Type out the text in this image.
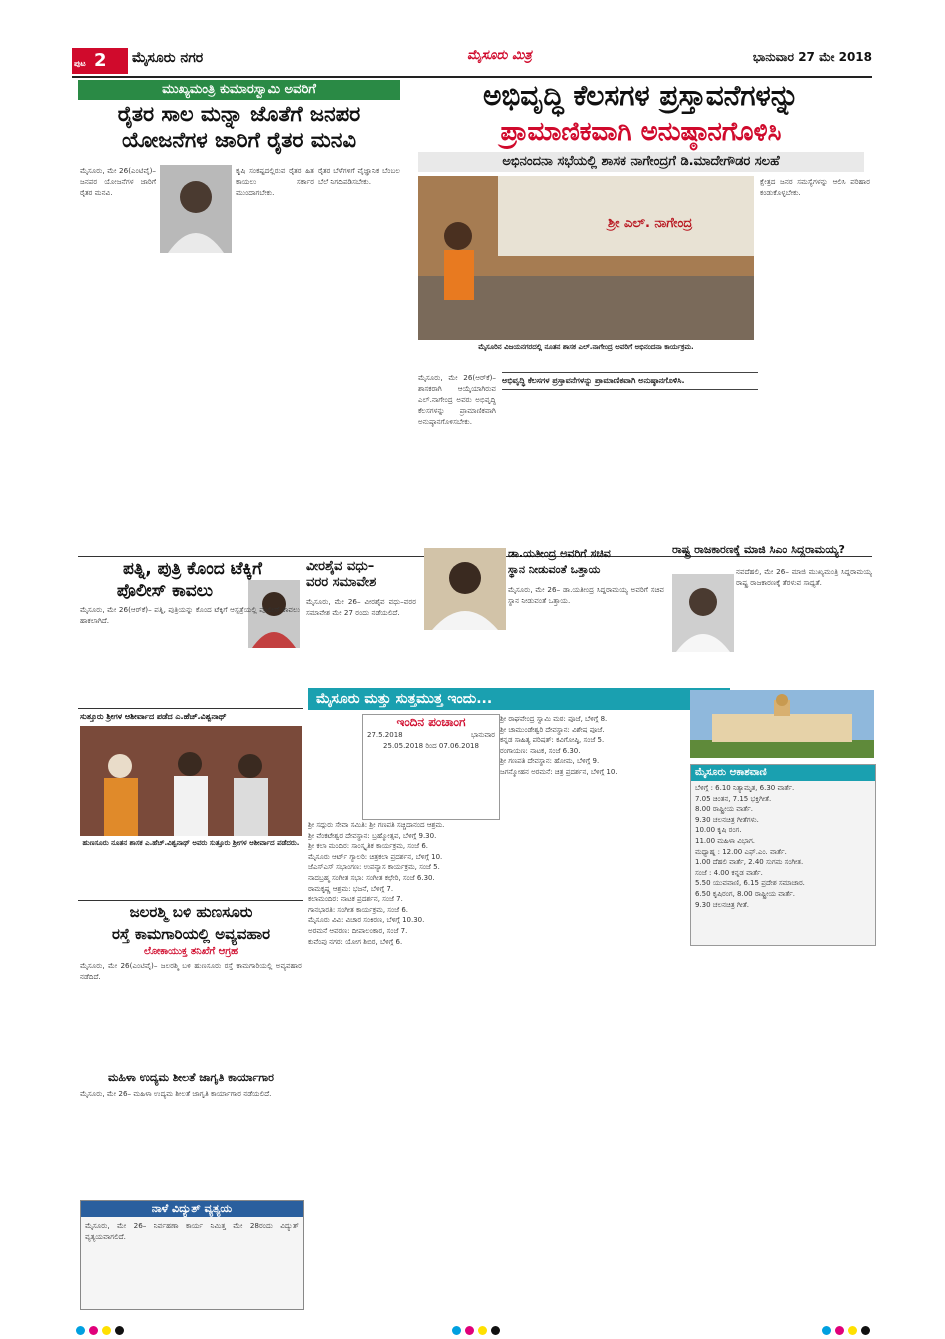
ಪುಟ 2	ಮೈಸೂರು ನಗರ	ಮೈಸೂರು ಮಿತ್ರ	ಭಾನುವಾರ 27 ಮೇ 2018
ಮುಖ್ಯಮಂತ್ರಿ ಕುಮಾರಸ್ವಾಮಿ ಅವರಿಗೆ
ರೈತರ ಸಾಲ ಮನ್ನಾ ಜೊತೆಗೆ ಜನಪರ
ಯೋಜನೆಗಳ ಜಾರಿಗೆ ರೈತರ ಮನವಿ

ಮೈಸೂರು, ಮೇ 26(ಎಂಟಿವೈ)– ಜನಪರ ಯೋಜನೆಗಳ ಜಾರಿಗೆ ರೈತರ ಮನವಿ.

ಕೃಷಿ ಸಂಕಷ್ಟದಲ್ಲಿರುವ ರೈತರ ಹಿತ ಕಾಯಲು ಸರ್ಕಾರ ಮುಂದಾಗಬೇಕು.

ರೈತರ ಬೆಳೆಗಳಿಗೆ ವೈಜ್ಞಾನಿಕ ಬೆಂಬಲ ಬೆಲೆ ನಿಗದಿಪಡಿಸಬೇಕು.

ಅಭಿವೃದ್ಧಿ ಕೆಲಸಗಳ ಪ್ರಸ್ತಾವನೆಗಳನ್ನು
ಪ್ರಾಮಾಣಿಕವಾಗಿ ಅನುಷ್ಠಾನಗೊಳಿಸಿ
ಅಭಿನಂದನಾ ಸಭೆಯಲ್ಲಿ ಶಾಸಕ ನಾಗೇಂದ್ರಗೆ ಡಿ.ಮಾದೇಗೌಡರ ಸಲಹೆ
ಶ್ರೀ ಎಲ್. ನಾಗೇಂದ್ರ
ಮೈಸೂರಿನ ವಿಜಯನಗರದಲ್ಲಿ ನೂತನ ಶಾಸಕ ಎಲ್.ನಾಗೇಂದ್ರ ಅವರಿಗೆ ಅಭಿನಂದನಾ ಕಾರ್ಯಕ್ರಮ.

ಮೈಸೂರು, ಮೇ 26(ಆರ್‌ಕೆ)– ಶಾಸಕರಾಗಿ ಆಯ್ಕೆಯಾಗಿರುವ ಎಲ್.ನಾಗೇಂದ್ರ ಅವರು ಅಭಿವೃದ್ಧಿ ಕೆಲಸಗಳನ್ನು ಪ್ರಾಮಾಣಿಕವಾಗಿ ಅನುಷ್ಠಾನಗೊಳಿಸಬೇಕು.

ಅಭಿವೃದ್ಧಿ ಕೆಲಸಗಳ ಪ್ರಸ್ತಾವನೆಗಳನ್ನು ಪ್ರಾಮಾಣಿಕವಾಗಿ ಅನುಷ್ಠಾನಗೊಳಿಸಿ.

ಕ್ಷೇತ್ರದ ಜನರ ಸಮಸ್ಯೆಗಳನ್ನು ಆಲಿಸಿ ಪರಿಹಾರ ಕಂಡುಕೊಳ್ಳಬೇಕು.

ಪತ್ನಿ, ಪುತ್ರಿ ಕೊಂದ ಟೆಕ್ಕಿಗೆ
ಪೊಲೀಸ್ ಕಾವಲು

ಮೈಸೂರು, ಮೇ 26(ಆರ್‌ಕೆ)– ಪತ್ನಿ, ಪುತ್ರಿಯನ್ನು ಕೊಂದ ಟೆಕ್ಕಿಗೆ ಆಸ್ಪತ್ರೆಯಲ್ಲಿ ಪೊಲೀಸ್ ಕಾವಲು ಹಾಕಲಾಗಿದೆ.

ವೀರಶೈವ ವಧು–
ವರರ ಸಮಾವೇಶ

ಮೈಸೂರು, ಮೇ 26– ವೀರಶೈವ ವಧು–ವರರ ಸಮಾವೇಶ ಮೇ 27 ರಂದು ನಡೆಯಲಿದೆ.

ಡಾ.ಯತೀಂದ್ರ ಅವರಿಗೆ ಸಚಿವ
ಸ್ಥಾನ ನೀಡುವಂತೆ ಒತ್ತಾಯ

ಮೈಸೂರು, ಮೇ 26– ಡಾ.ಯತೀಂದ್ರ ಸಿದ್ದರಾಮಯ್ಯ ಅವರಿಗೆ ಸಚಿವ ಸ್ಥಾನ ನೀಡುವಂತೆ ಒತ್ತಾಯ.

ರಾಷ್ಟ್ರ ರಾಜಕಾರಣಕ್ಕೆ ಮಾಜಿ ಸಿಎಂ ಸಿದ್ದರಾಮಯ್ಯ?

ನವದೆಹಲಿ, ಮೇ 26– ಮಾಜಿ ಮುಖ್ಯಮಂತ್ರಿ ಸಿದ್ದರಾಮಯ್ಯ ರಾಷ್ಟ್ರ ರಾಜಕಾರಣಕ್ಕೆ ತೆರಳುವ ಸಾಧ್ಯತೆ.

ಸುತ್ತೂರು ಶ್ರೀಗಳ ಆಶೀರ್ವಾದ ಪಡೆದ ಎ.ಹೆಚ್.ವಿಶ್ವನಾಥ್
ಹುಣಸೂರು ನೂತನ ಶಾಸಕ ಎ.ಹೆಚ್.ವಿಶ್ವನಾಥ್ ಅವರು ಸುತ್ತೂರು ಶ್ರೀಗಳ ಆಶೀರ್ವಾದ ಪಡೆದರು.
ಜಲರಶ್ಮಿ ಬಳಿ ಹುಣಸೂರು
ರಸ್ತೆ ಕಾಮಗಾರಿಯಲ್ಲಿ ಅವ್ಯವಹಾರ
ಲೋಕಾಯುಕ್ತ ತನಿಖೆಗೆ ಆಗ್ರಹ

ಮೈಸೂರು, ಮೇ 26(ಎಂಟಿವೈ)– ಜಲರಶ್ಮಿ ಬಳಿ ಹುಣಸೂರು ರಸ್ತೆ ಕಾಮಗಾರಿಯಲ್ಲಿ ಅವ್ಯವಹಾರ ನಡೆದಿದೆ.

ಮಹಿಳಾ ಉದ್ಯಮ ಶೀಲತೆ ಜಾಗೃತಿ ಕಾರ್ಯಾಗಾರ

ಮೈಸೂರು, ಮೇ 26– ಮಹಿಳಾ ಉದ್ಯಮ ಶೀಲತೆ ಜಾಗೃತಿ ಕಾರ್ಯಾಗಾರ ನಡೆಯಲಿದೆ.

ನಾಳೆ ವಿದ್ಯುತ್ ವ್ಯತ್ಯಯ
ಮೈಸೂರು, ಮೇ 26– ನಿರ್ವಹಣಾ ಕಾರ್ಯ ನಿಮಿತ್ತ ಮೇ 28ರಂದು ವಿದ್ಯುತ್ ವ್ಯತ್ಯಯವಾಗಲಿದೆ.
ಮೈಸೂರು ಮತ್ತು ಸುತ್ತಮುತ್ತ ಇಂದು...
ಇಂದಿನ ಪಂಚಾಂಗ
27.5.2018	ಭಾನುವಾರ
25.05.2018 ರಿಂದ 07.06.2018
ಶ್ರೀ ಸದ್ಗುರು ಸೇವಾ ಸಮಿತಿ: ಶ್ರೀ ಗಣಪತಿ ಸಚ್ಚಿದಾನಂದ ಆಶ್ರಮ.
ಶ್ರೀ ವೆಂಕಟೇಶ್ವರ ದೇವಸ್ಥಾನ: ಬ್ರಹ್ಮೋತ್ಸವ, ಬೆಳಿಗ್ಗೆ 9.30.
ಶ್ರೀ ಕಲಾ ಮಂದಿರ: ಸಾಂಸ್ಕೃತಿಕ ಕಾರ್ಯಕ್ರಮ, ಸಂಜೆ 6.
ಮೈಸೂರು ಆರ್ಟ್ ಗ್ಯಾಲರಿ: ಚಿತ್ರಕಲಾ ಪ್ರದರ್ಶನ, ಬೆಳಿಗ್ಗೆ 10.
ಜೆಎಸ್‌ಎಸ್ ಸಭಾಂಗಣ: ಉಪನ್ಯಾಸ ಕಾರ್ಯಕ್ರಮ, ಸಂಜೆ 5.
ನಾದಬ್ರಹ್ಮ ಸಂಗೀತ ಸಭಾ: ಸಂಗೀತ ಕಛೇರಿ, ಸಂಜೆ 6.30.
ರಾಮಕೃಷ್ಣ ಆಶ್ರಮ: ಭಜನೆ, ಬೆಳಿಗ್ಗೆ 7.
ಕಲಾಮಂದಿರ: ನಾಟಕ ಪ್ರದರ್ಶನ, ಸಂಜೆ 7.
ಗಾನಭಾರತಿ: ಸಂಗೀತ ಕಾರ್ಯಕ್ರಮ, ಸಂಜೆ 6.
ಮೈಸೂರು ವಿವಿ: ವಿಚಾರ ಸಂಕಿರಣ, ಬೆಳಿಗ್ಗೆ 10.30.
ಅರಮನೆ ಆವರಣ: ದೀಪಾಲಂಕಾರ, ಸಂಜೆ 7.
ಕುವೆಂಪು ನಗರ: ಯೋಗ ಶಿಬಿರ, ಬೆಳಿಗ್ಗೆ 6.
ಶ್ರೀ ರಾಘವೇಂದ್ರ ಸ್ವಾಮಿ ಮಠ: ಪೂಜೆ, ಬೆಳಿಗ್ಗೆ 8.
ಶ್ರೀ ಚಾಮುಂಡೇಶ್ವರಿ ದೇವಸ್ಥಾನ: ವಿಶೇಷ ಪೂಜೆ.
ಕನ್ನಡ ಸಾಹಿತ್ಯ ಪರಿಷತ್: ಕವಿಗೋಷ್ಠಿ, ಸಂಜೆ 5.
ರಂಗಾಯಣ: ನಾಟಕ, ಸಂಜೆ 6.30.
ಶ್ರೀ ಗಣಪತಿ ದೇವಸ್ಥಾನ: ಹೋಮ, ಬೆಳಿಗ್ಗೆ 9.
ಜಗನ್ಮೋಹನ ಅರಮನೆ: ಚಿತ್ರ ಪ್ರದರ್ಶನ, ಬೆಳಿಗ್ಗೆ 10.	ಮೈಸೂರು ಆಕಾಶವಾಣಿ
ಬೆಳಿಗ್ಗೆ : 6.10 ನಿತ್ಯಾಮೃತ, 6.30 ವಾರ್ತೆ.
7.05 ಚಿಂತನ, 7.15 ಭಕ್ತಿಗೀತೆ.
8.00 ರಾಷ್ಟ್ರೀಯ ವಾರ್ತೆ.
9.30 ಚಲನಚಿತ್ರ ಗೀತೆಗಳು.
10.00 ಕೃಷಿ ರಂಗ.
11.00 ಮಹಿಳಾ ವಿಭಾಗ.
ಮಧ್ಯಾಹ್ನ : 12.00 ಎಫ್.ಎಂ. ವಾರ್ತೆ.
1.00 ದೆಹಲಿ ವಾರ್ತೆ, 2.40 ಸುಗಮ ಸಂಗೀತ.
ಸಂಜೆ : 4.00 ಕನ್ನಡ ವಾರ್ತೆ.
5.50 ಯುವವಾಣಿ, 6.15 ಪ್ರದೇಶ ಸಮಾಚಾರ.
6.50 ಕೃಷಿರಂಗ, 8.00 ರಾಷ್ಟ್ರೀಯ ವಾರ್ತೆ.
9.30 ಚಲನಚಿತ್ರ ಗೀತೆ.
